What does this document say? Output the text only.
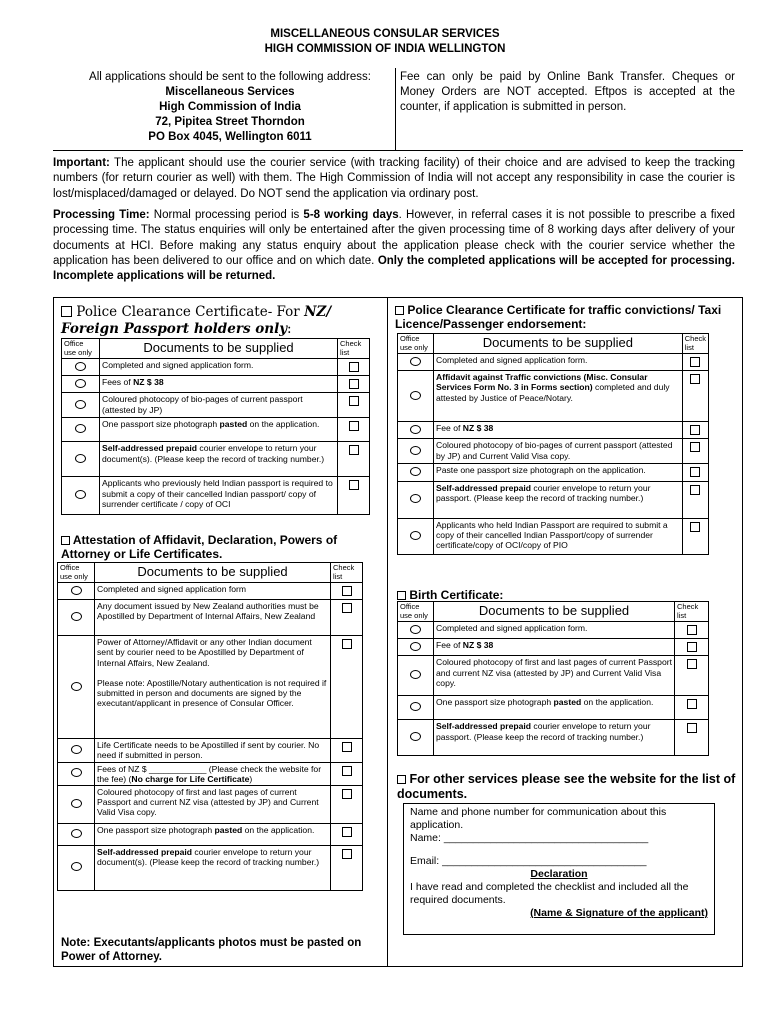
MISCELLANEOUS CONSULAR SERVICES
HIGH COMMISSION OF INDIA WELLINGTON
All applications should be sent to the following address:
Miscellaneous Services
High Commission of India
72, Pipitea Street Thorndon
PO Box 4045, Wellington 6011
Fee can only be paid by Online Bank Transfer. Cheques or Money Orders are NOT accepted. Eftpos is accepted at the counter, if application is submitted in person.
Important: The applicant should use the courier service (with tracking facility) of their choice and are advised to keep the tracking numbers (for return courier as well) with them. The High Commission of India will not accept any responsibility in case the courier is lost/misplaced/damaged or delayed. Do NOT send the application via ordinary post.
Processing Time: Normal processing period is 5-8 working days. However, in referral cases it is not possible to prescribe a fixed processing time. The status enquiries will only be entertained after the given processing time of 8 working days after delivery of your documents at HCI. Before making any status enquiry about the application please check with the courier service whether the application has been delivered to our office and on which date. Only the completed applications will be accepted for processing. Incomplete applications will be returned.
Police Clearance Certificate- For NZ/ Foreign Passport holders only:
Office use only	Documents to be supplied	Check list
	Completed and signed application form.	
	Fees of NZ $ 38	
	Coloured photocopy of bio-pages of current passport (attested by JP)	
	One passport size photograph pasted on the application.	
	Self-addressed prepaid courier envelope to return your document(s). (Please keep the record of tracking number.)	
	Applicants who previously held Indian passport is required to submit a copy of their cancelled Indian passport/ copy of surrender certificate / copy of OCI	
Attestation of Affidavit, Declaration, Powers of Attorney or Life Certificates.
Office use only	Documents to be supplied	Check list
	Completed and signed application form	
	Any document issued by New Zealand authorities must be Apostilled by Department of Internal Affairs, New Zealand	
	Power of Attorney/Affidavit or any other Indian document sent by courier need to be Apostilled by Department of Internal Affairs, New Zealand.
Please note: Apostille/Notary authentication is not required if submitted in person and documents are signed by the executant/applicant in presence of Consular Officer.	

	Life Certificate needs to be Apostilled if sent by courier. No need if submitted in person.	
	Fees of NZ $ ____________ (Please check the website for the fee) (No charge for Life Certificate)	
	Coloured photocopy of first and last pages of current Passport and current NZ visa (attested by JP) and Current Valid Visa copy.	
	One passport size photograph pasted on the application.	
	Self-addressed prepaid courier envelope to return your document(s). (Please keep the record of tracking number.)	
Note: Executants/applicants photos must be pasted on Power of Attorney.
Police Clearance Certificate for traffic convictions/ Taxi Licence/Passenger endorsement:
Office use only	Documents to be supplied	Check list
	Completed and signed application form.	
	Affidavit against Traffic convictions (Misc. Consular Services Form No. 3 in Forms section) completed and duly attested by Justice of Peace/Notary.	
	Fee of NZ $ 38	
	Coloured photocopy of bio-pages of current passport (attested by JP) and Current Valid Visa copy.	
	Paste one passport size photograph on the application.	
	Self-addressed prepaid courier envelope to return your passport. (Please keep the record of tracking number.)	
	Applicants who held Indian Passport are required to submit a copy of their cancelled Indian Passport/copy of surrender certificate/copy of OCI/copy of PIO	
Birth Certificate:
Office use only	Documents to be supplied	Check list
	Completed and signed application form.	
	Fee of NZ $ 38	
	Coloured photocopy of first and last pages of current Passport and current NZ visa (attested by JP) and Current Valid Visa copy.	
	One passport size photograph pasted on the application.	
	Self-addressed prepaid courier envelope to return your passport. (Please keep the record of tracking number.)	
For other services please see the website for the list of documents.
Name and phone number for communication about this application.
Name: ___________________________________
Email: ___________________________________
Declaration
I have read and completed the checklist and included all the required documents.
(Name & Signature of the applicant)
